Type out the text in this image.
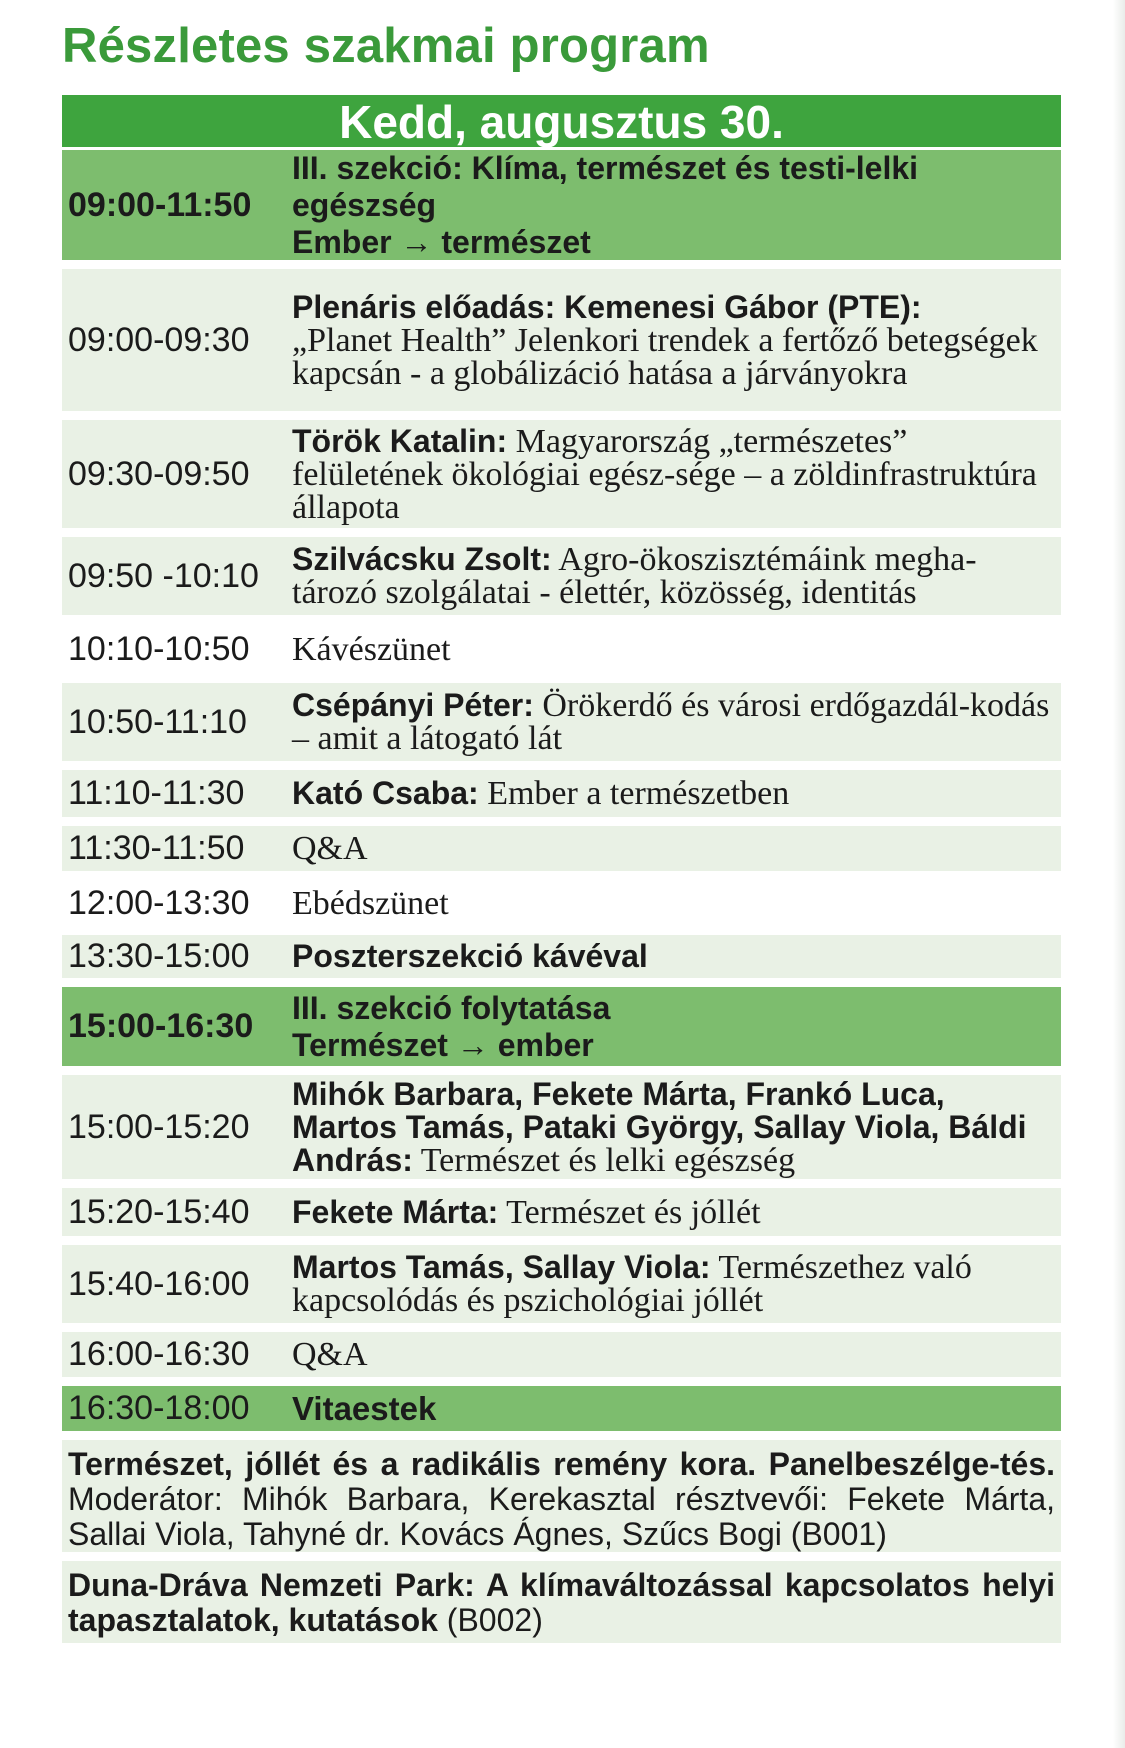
Részletes szakmai program
Kedd, augusztus 30.
09:00-11:50
III. szekció: Klíma, természet és testi-lelki
egészség
Ember → természet
09:00-09:30
Plenáris előadás: Kemenesi Gábor (PTE):
„Planet Health” Jelenkori trendek a fertőző betegségek kapcsán - a globálizáció hatása a járványokra
09:30-09:50
Török Katalin: Magyarország „természetes” felületének ökológiai egész-sége – a zöldinfrastruktúra állapota
09:50 -10:10	Szilvácsku Zsolt: Agro-ökoszisztémáink megha-tározó szolgálatai - élettér, közösség, identitás
10:10-10:50	Kávészünet
10:50-11:10	Csépányi Péter: Örökerdő és városi erdőgazdál-kodás – amit a látogató lát
11:10-11:30	Kató Csaba: Ember a természetben
11:30-11:50	Q&A
12:00-13:30	Ebédszünet
13:30-15:00	Poszterszekció kávéval
15:00-16:30	III. szekció folytatása
Természet → ember
15:00-15:20
Mihók Barbara, Fekete Márta, Frankó Luca, Martos Tamás, Pataki György, Sallay Viola, Báldi András: Természet és lelki egészség
15:20-15:40	Fekete Márta: Természet és jóllét
15:40-16:00	Martos Tamás, Sallay Viola: Természethez való kapcsolódás és pszichológiai jóllét
16:00-16:30	Q&A
16:30-18:00	Vitaestek
Természet, jóllét és a radikális remény kora. Panelbeszélge-tés. Moderátor: Mihók Barbara, Kerekasztal résztvevői: Fekete Márta, Sallai Viola, Tahyné dr. Kovács Ágnes, Szűcs Bogi (B001)
Duna-Dráva Nemzeti Park: A klímaváltozással kapcsolatos helyi tapasztalatok, kutatások (B002)
